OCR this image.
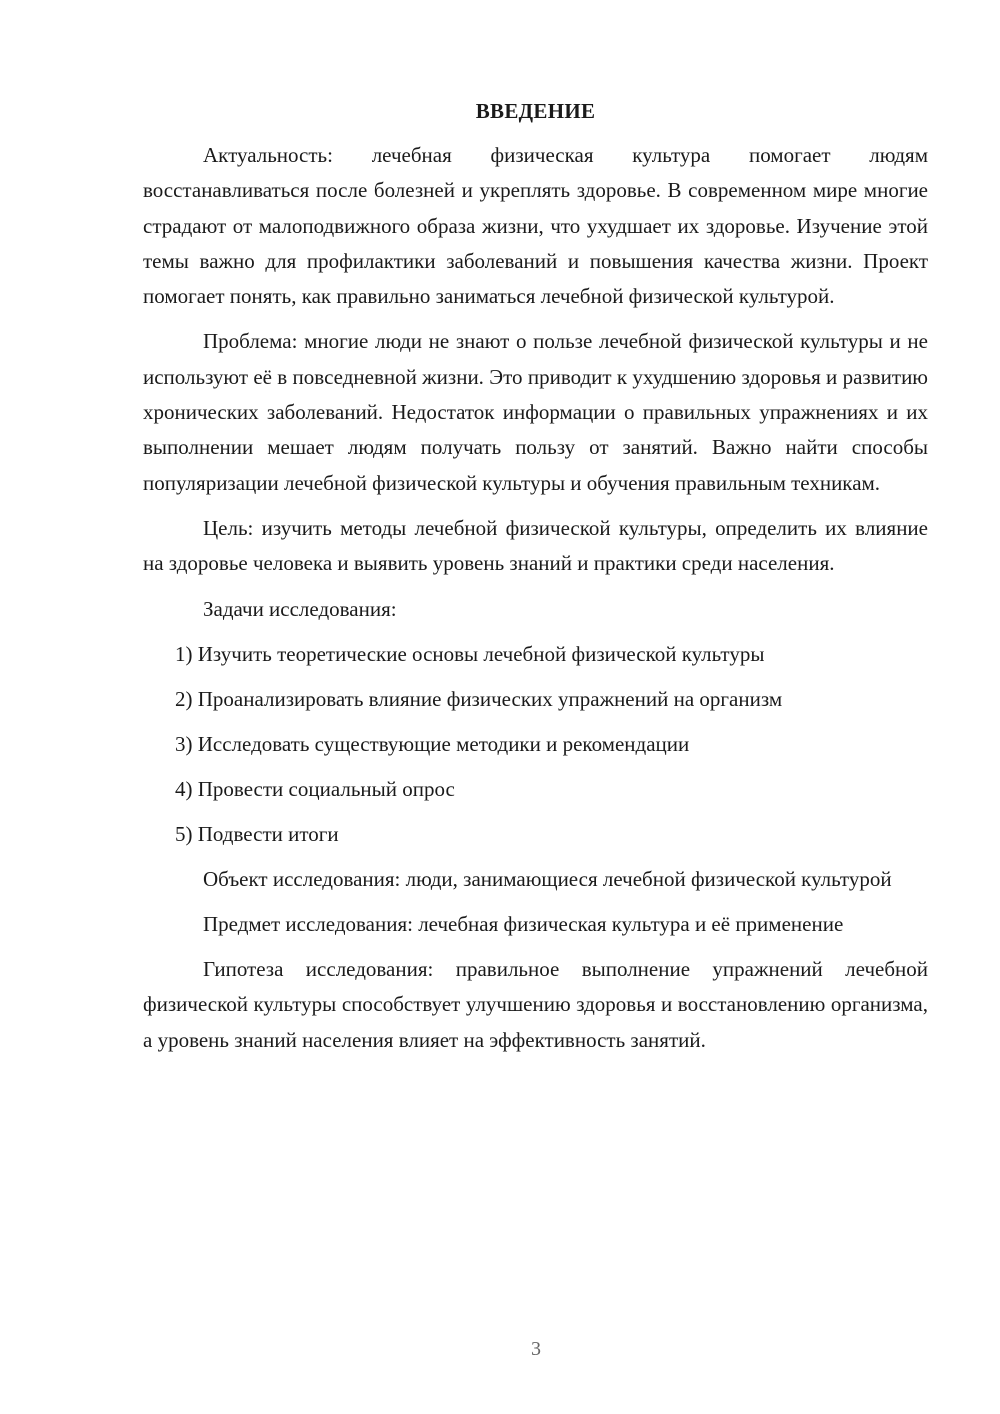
ВВЕДЕНИЕ

Актуальность: лечебная физическая культура помогает людям восстанавливаться после болезней и укреплять здоровье. В современном мире многие страдают от малоподвижного образа жизни, что ухудшает их здоровье. Изучение этой темы важно для профилактики заболеваний и повышения качества жизни. Проект помогает понять, как правильно заниматься лечебной физической культурой.

Проблема: многие люди не знают о пользе лечебной физической культуры и не используют её в повседневной жизни. Это приводит к ухудшению здоровья и развитию хронических заболеваний. Недостаток информации о правильных упражнениях и их выполнении мешает людям получать пользу от занятий. Важно найти способы популяризации лечебной физической культуры и обучения правильным техникам.

Цель: изучить методы лечебной физической культуры, определить их влияние на здоровье человека и выявить уровень знаний и практики среди населения.

Задачи исследования:
1) Изучить теоретические основы лечебной физической культуры
2) Проанализировать влияние физических упражнений на организм
3) Исследовать существующие методики и рекомендации
4) Провести социальный опрос
5) Подвести итоги

Объект исследования: люди, занимающиеся лечебной физической культурой

Предмет исследования: лечебная физическая культура и её применение

Гипотеза исследования: правильное выполнение упражнений лечебной физической культуры способствует улучшению здоровья и восстановлению организма, а уровень знаний населения влияет на эффективность занятий.

3
